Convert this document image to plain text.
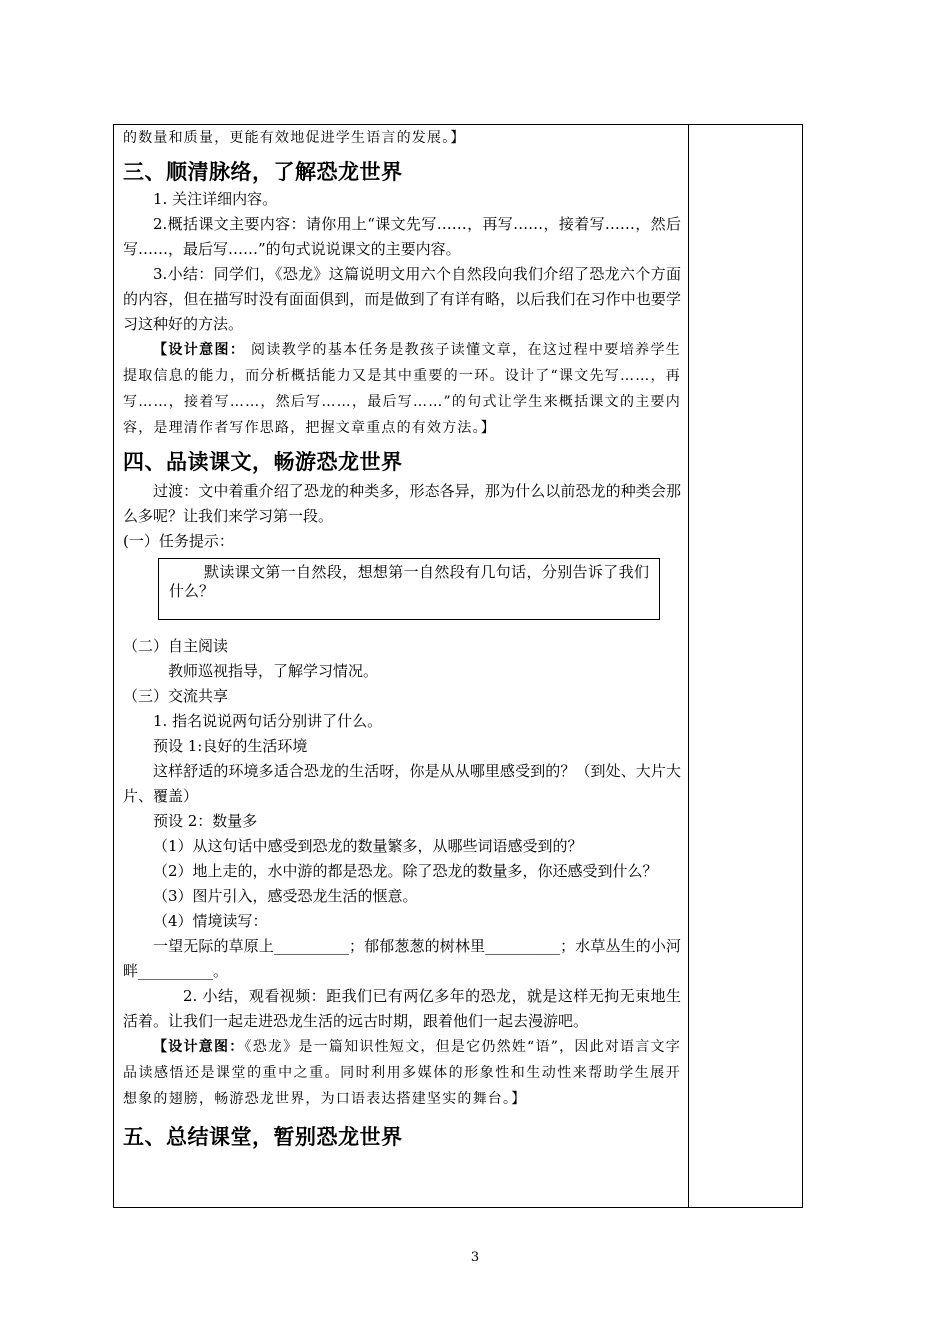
的数量和质量，更能有效地促进学生语言的发展。】

三、顺清脉络，了解恐龙世界

1. 关注详细内容。

2.概括课文主要内容：请你用上“课文先写……，再写……，接着写……，然后写……，最后写……”的句式说说课文的主要内容。

3.小结：同学们，《恐龙》这篇说明文用六个自然段向我们介绍了恐龙六个方面的内容，但在描写时没有面面俱到，而是做到了有详有略，以后我们在习作中也要学习这种好的方法。

【设计意图： 阅读教学的基本任务是教孩子读懂文章，在这过程中要培养学生提取信息的能力，而分析概括能力又是其中重要的一环。设计了“课文先写……，再写……，接着写……，然后写……，最后写……”的句式让学生来概括课文的主要内容，是理清作者写作思路，把握文章重点的有效方法。】

四、品读课文，畅游恐龙世界

过渡：文中着重介绍了恐龙的种类多，形态各异，那为什么以前恐龙的种类会那么多呢？让我们来学习第一段。

(一）任务提示：

默读课文第一自然段，想想第一自然段有几句话，分别告诉了我们什么？

（二）自主阅读

教师巡视指导，了解学习情况。

（三）交流共享

1. 指名说说两句话分别讲了什么。

预设 1:良好的生活环境

这样舒适的环境多适合恐龙的生活呀，你是从从哪里感受到的？（到处、大片大片、覆盖）

预设 2：数量多

（1）从这句话中感受到恐龙的数量繁多，从哪些词语感受到的？

（2）地上走的，水中游的都是恐龙。除了恐龙的数量多，你还感受到什么？

（3）图片引入，感受恐龙生活的惬意。

（4）情境读写：

一望无际的草原上__________；郁郁葱葱的树林里__________；水草丛生的小河畔__________。

2. 小结，观看视频：距我们已有两亿多年的恐龙，就是这样无拘无束地生活着。让我们一起走进恐龙生活的远古时期，跟着他们一起去漫游吧。

【设计意图：《恐龙》是一篇知识性短文，但是它仍然姓“语”，因此对语言文字品读感悟还是课堂的重中之重。同时利用多媒体的形象性和生动性来帮助学生展开想象的翅膀，畅游恐龙世界，为口语表达搭建坚实的舞台。】

五、总结课堂，暂别恐龙世界
3
